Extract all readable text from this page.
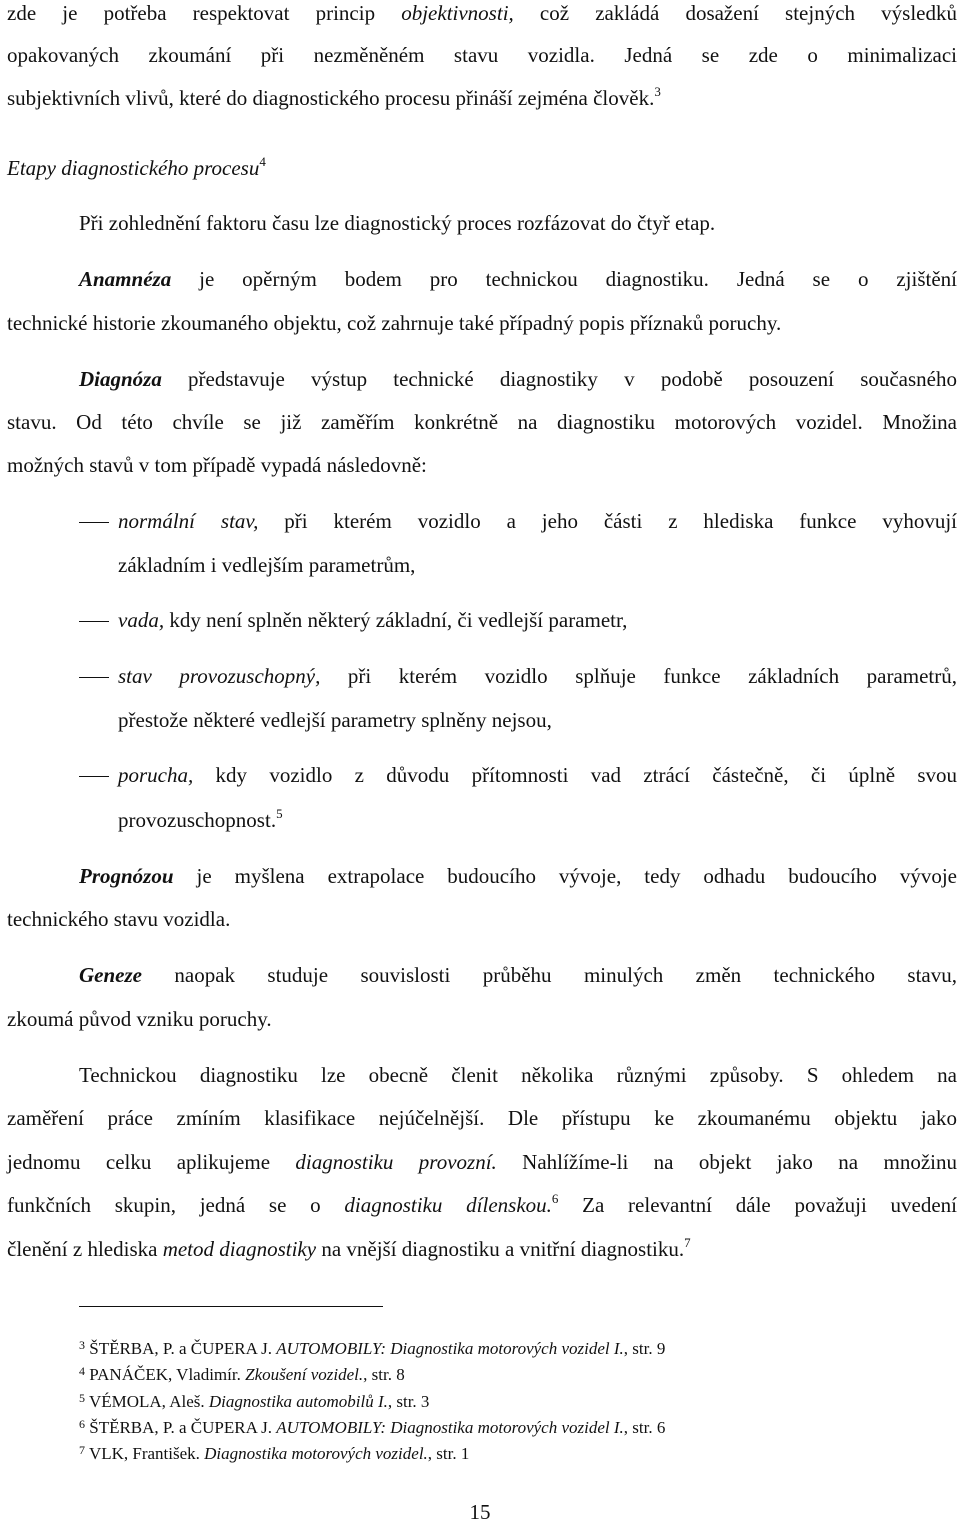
zde je potřeba respektovat princip objektivnosti, což zakládá dosažení stejných výsledků
opakovaných zkoumání při nezměněném stavu vozidla. Jedná se zde o minimalizaci
subjektivních vlivů, které do diagnostického procesu přináší zejména člověk.$^3$
Etapy diagnostického procesu$^4$
Při zohlednění faktoru času lze diagnostický proces rozfázovat do čtyř etap.
Anamnéza je opěrným bodem pro technickou diagnostiku. Jedná se o zjištění
technické historie zkoumaného objektu, což zahrnuje také případný popis příznaků poruchy.
Diagnóza představuje výstup technické diagnostiky v podobě posouzení současného
stavu. Od této chvíle se již zaměřím konkrétně na diagnostiku motorových vozidel. Množina
možných stavů v tom případě vypadá následovně:
normální stav, při kterém vozidlo a jeho části z hlediska funkce vyhovují
základním i vedlejším parametrům,
vada, kdy není splněn některý základní, či vedlejší parametr,
stav provozuschopný, při kterém vozidlo splňuje funkce základních parametrů,
přestože některé vedlejší parametry splněny nejsou,
porucha, kdy vozidlo z důvodu přítomnosti vad ztrácí částečně, či úplně svou
provozuschopnost.$^5$
Prognózou je myšlena extrapolace budoucího vývoje, tedy odhadu budoucího vývoje
technického stavu vozidla.
Geneze naopak studuje souvislosti průběhu minulých změn technického stavu,
zkoumá původ vzniku poruchy.
Technickou diagnostiku lze obecně členit několika různými způsoby. S ohledem na
zaměření práce zmíním klasifikace nejúčelnější. Dle přístupu ke zkoumanému objektu jako
jednomu celku aplikujeme diagnostiku provozní. Nahlížíme-li na objekt jako na množinu
funkčních skupin, jedná se o diagnostiku dílenskou.$^6$ Za relevantní dále považuji uvedení
členění z hlediska metod diagnostiky na vnější diagnostiku a vnitřní diagnostiku.$^7$
$^3$ ŠTĚRBA, P. a ČUPERA J. AUTOMOBILY: Diagnostika motorových vozidel I., str. 9
$^4$ PANÁČEK, Vladimír. Zkoušení vozidel., str. 8
$^5$ VÉMOLA, Aleš. Diagnostika automobilů I., str. 3
$^6$ ŠTĚRBA, P. a ČUPERA J. AUTOMOBILY: Diagnostika motorových vozidel I., str. 6
$^7$ VLK, František. Diagnostika motorových vozidel., str. 1
15
